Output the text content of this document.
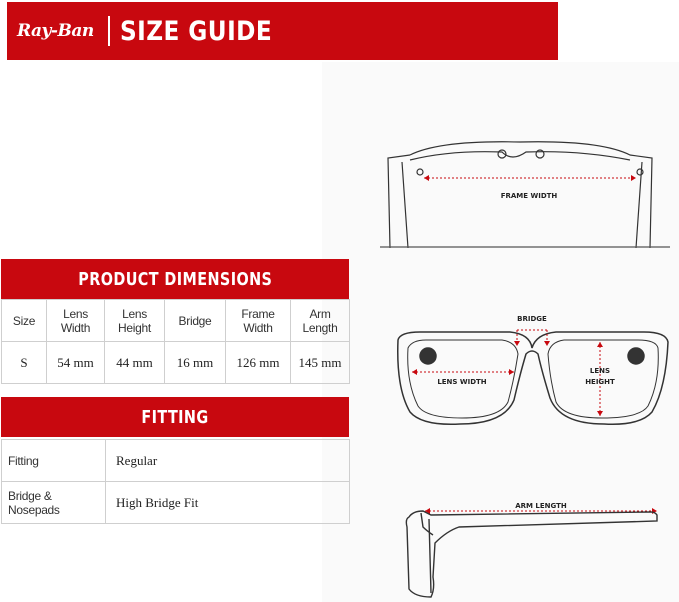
Ray-Ban SIZE GUIDE
PRODUCT DIMENSIONS
Size	Lens Width	Lens Height	Bridge	Frame Width	Arm Length
S	54 mm	44 mm	16 mm	126 mm	145 mm
FITTING
Fitting	Regular
Bridge & Nosepads	High Bridge Fit
FRAME WIDTH
BRIDGE
LENS WIDTH
LENS
HEIGHT
ARM LENGTH
